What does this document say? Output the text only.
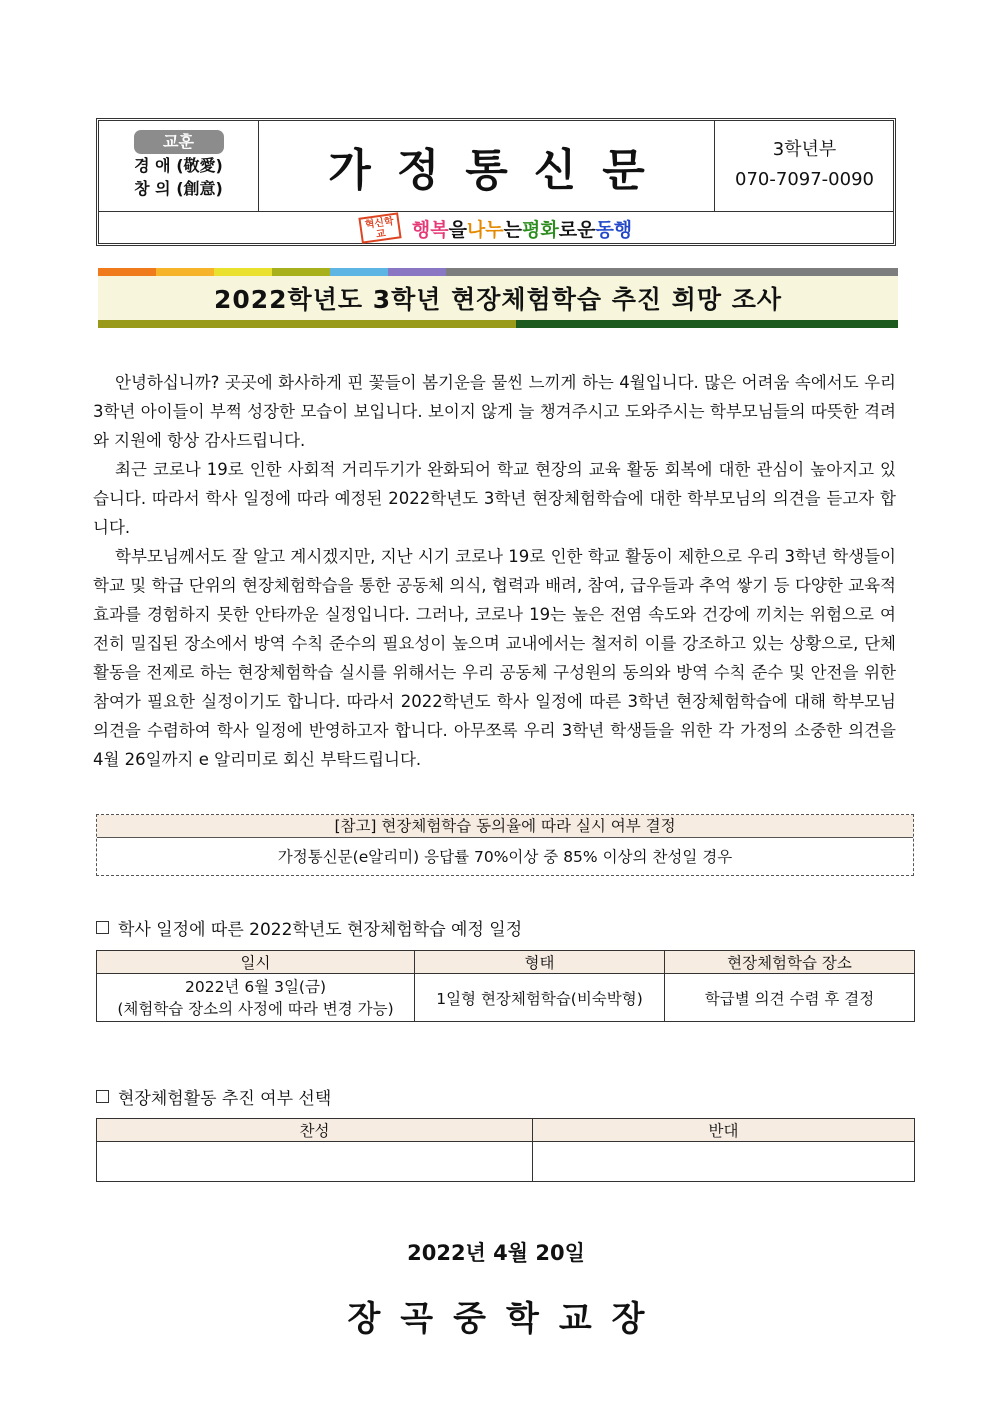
교훈
경 애 (敬愛)
창 의 (創意)	가정통신문	3학년부
070-7097-0090
혁신학교	행복 을 나누 는 평화 로운 동행
2022학년도 3학년 현장체험학습 추진 희망 조사

안녕하십니까? 곳곳에 화사하게 핀 꽃들이 봄기운을 물씬 느끼게 하는 4월입니다. 많은 어려움 속에서도 우리 3학년 아이들이 부쩍 성장한 모습이 보입니다. 보이지 않게 늘 챙겨주시고 도와주시는 학부모님들의 따뜻한 격려와 지원에 항상 감사드립니다.

최근 코로나 19로 인한 사회적 거리두기가 완화되어 학교 현장의 교육 활동 회복에 대한 관심이 높아지고 있습니다. 따라서 학사 일정에 따라 예정된 2022학년도 3학년 현장체험학습에 대한 학부모님의 의견을 듣고자 합니다.

학부모님께서도 잘 알고 계시겠지만, 지난 시기 코로나 19로 인한 학교 활동이 제한으로 우리 3학년 학생들이 학교 및 학급 단위의 현장체험학습을 통한 공동체 의식, 협력과 배려, 참여, 급우들과 추억 쌓기 등 다양한 교육적 효과를 경험하지 못한 안타까운 실정입니다. 그러나, 코로나 19는 높은 전염 속도와 건강에 끼치는 위험으로 여전히 밀집된 장소에서 방역 수칙 준수의 필요성이 높으며 교내에서는 철저히 이를 강조하고 있는 상황으로, 단체 활동을 전제로 하는 현장체험학습 실시를 위해서는 우리 공동체 구성원의 동의와 방역 수칙 준수 및 안전을 위한 참여가 필요한 실정이기도 합니다. 따라서 2022학년도 학사 일정에 따른 3학년 현장체험학습에 대해 학부모님 의견을 수렴하여 학사 일정에 반영하고자 합니다. 아무쪼록 우리 3학년 학생들을 위한 각 가정의 소중한 의견을 4월 26일까지 e 알리미로 회신 부탁드립니다.

[참고] 현장체험학습 동의율에 따라 실시 여부 결정
가정통신문(e알리미) 응답률 70%이상 중 85% 이상의 찬성일 경우
학사 일정에 따른 2022학년도 현장체험학습 예정 일정
일시	형태	현장체험학습 장소

2022년 6월 3일(금)
(체험학습 장소의 사정에 따라 변경 가능)	1일형 현장체험학습(비숙박형)	학급별 의견 수렴 후 결정
현장체험활동 추진 여부 선택
찬성	반대

2022년 4월 20일
장곡중학교장
